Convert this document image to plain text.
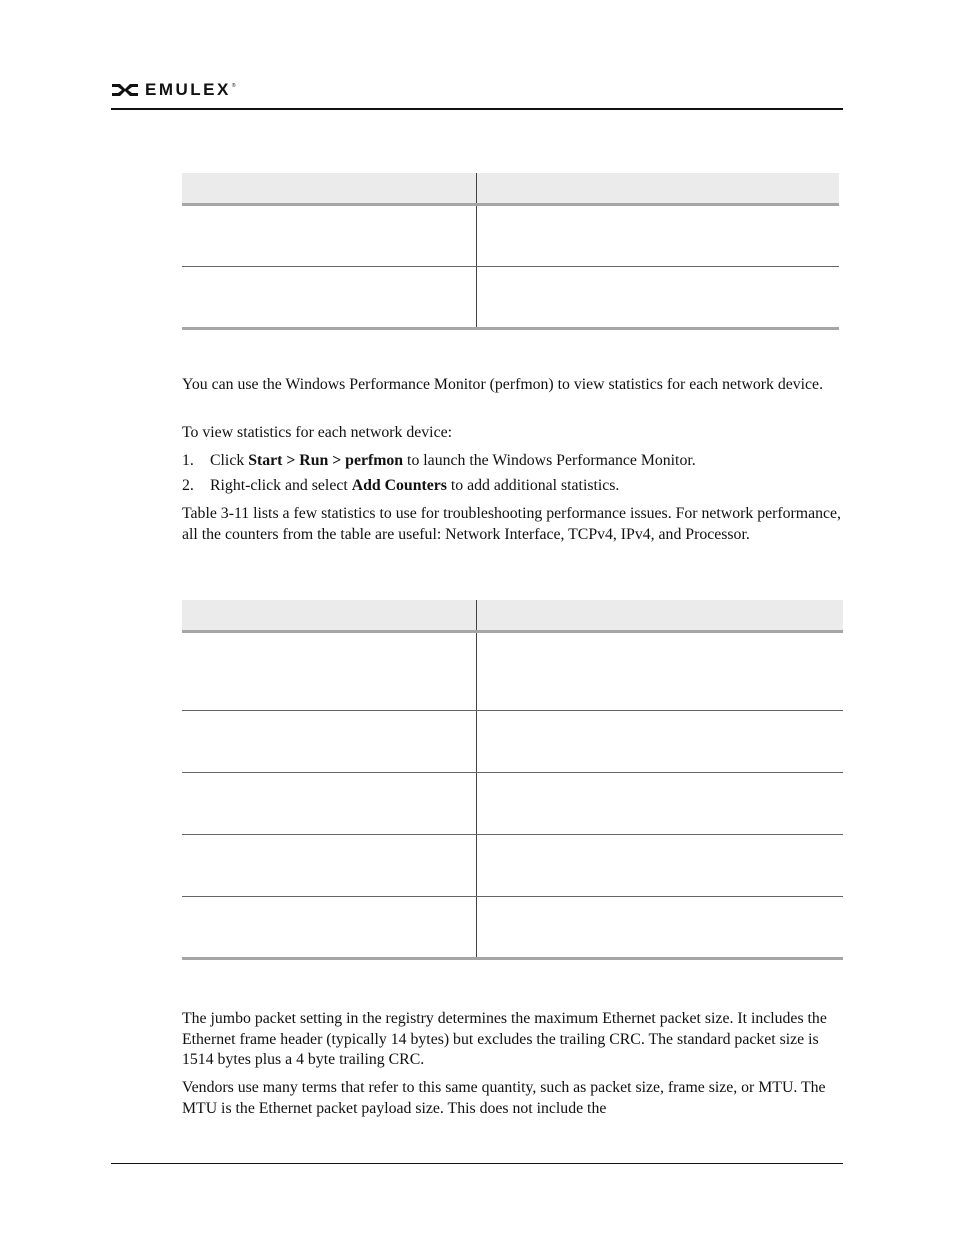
EMULEX ®

You can use the Windows Performance Monitor (perfmon) to view statistics for each network device.

To view statistics for each network device:

1. Click Start > Run > perfmon to launch the Windows Performance Monitor.

2. Right-click and select Add Counters to add additional statistics.

Table 3-11 lists a few statistics to use for troubleshooting performance issues. For network performance, all the counters from the table are useful: Network Interface, TCPv4, IPv4, and Processor.

The jumbo packet setting in the registry determines the maximum Ethernet packet size. It includes the Ethernet frame header (typically 14 bytes) but excludes the trailing CRC. The standard packet size is 1514 bytes plus a 4 byte trailing CRC.

Vendors use many terms that refer to this same quantity, such as packet size, frame size, or MTU. The MTU is the Ethernet packet payload size. This does not include the
